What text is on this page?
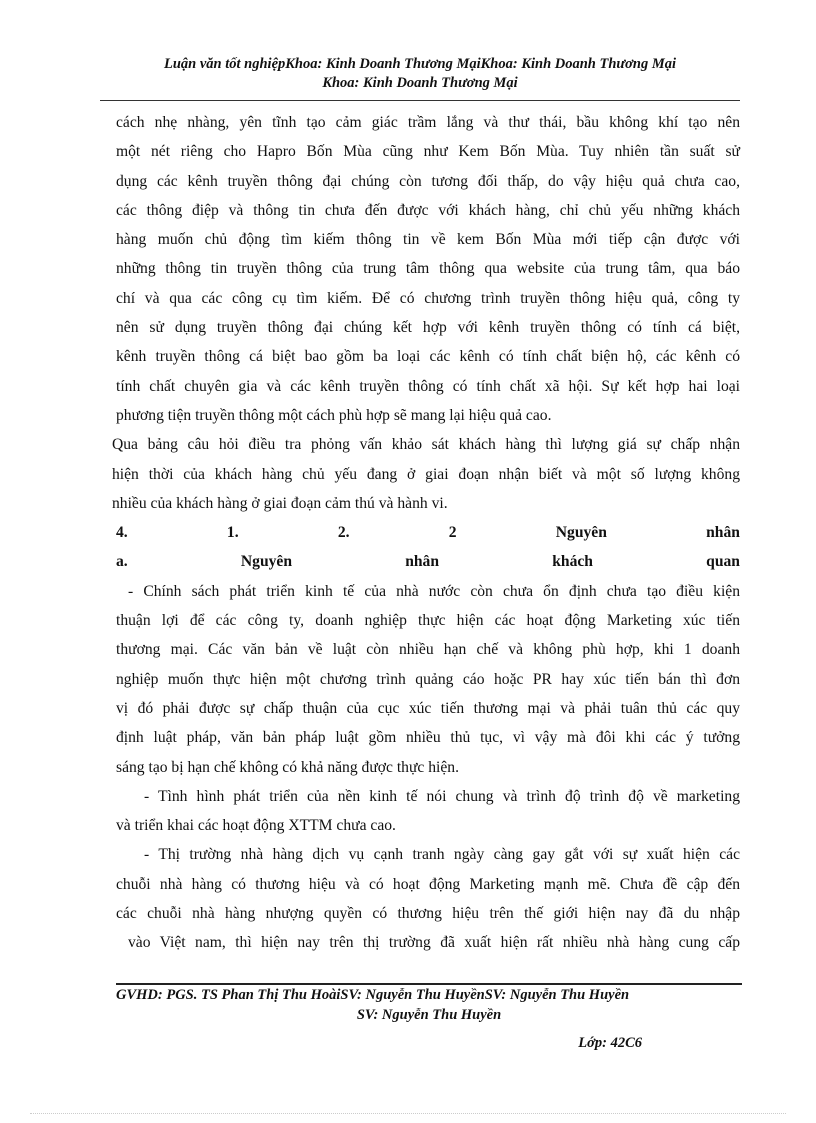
Luận văn tốt nghiệpKhoa: Kinh Doanh Thương MạiKhoa: Kinh Doanh Thương Mại
Khoa: Kinh Doanh Thương Mại

cách nhẹ nhàng, yên tĩnh tạo cảm giác trầm lắng và thư thái, bầu không khí tạo nên

một nét riêng cho Hapro Bốn Mùa cũng như Kem Bốn Mùa. Tuy nhiên tần suất sử

dụng các kênh truyền thông đại chúng còn tương đối thấp, do vậy hiệu quả chưa cao,

các thông điệp và thông tin chưa đến được với khách hàng, chỉ chủ yếu những khách

hàng muốn chủ động tìm kiếm thông tin về kem Bốn Mùa mới tiếp cận được với

những thông tin truyền thông của trung tâm thông qua website của trung tâm, qua báo

chí và qua các công cụ tìm kiếm. Để có chương trình truyền thông hiệu quả, công ty

nên sử dụng truyền thông đại chúng kết hợp với kênh truyền thông có tính cá biệt,

kênh truyền thông cá biệt bao gồm ba loại các kênh có tính chất biện hộ, các kênh có

tính chất chuyên gia và các kênh truyền thông có tính chất xã hội. Sự kết hợp hai loại

phương tiện truyền thông một cách phù hợp sẽ mang lại hiệu quả cao.

Qua bảng câu hỏi điều tra phỏng vấn khảo sát khách hàng thì lượng giá sự chấp nhận

hiện thời của khách hàng chủ yếu đang ở giai đoạn nhận biết và một số lượng không

nhiều của khách hàng ở giai đoạn cảm thú và hành vi.

4.	1.	2.	2	Nguyên	nhân
a.	Nguyên	nhân	khách	quan

- Chính sách phát triển kinh tế của nhà nước còn chưa ổn định chưa tạo điều kiện

thuận lợi để các công ty, doanh nghiệp thực hiện các hoạt động Marketing xúc tiến

thương mại. Các văn bản về luật còn nhiều hạn chế và không phù hợp, khi 1 doanh

nghiệp muốn thực hiện một chương trình quảng cáo hoặc PR hay xúc tiến bán thì đơn

vị đó phải được sự chấp thuận của cục xúc tiến thương mại và phải tuân thủ các quy

định luật pháp, văn bản pháp luật gồm nhiều thủ tục, vì vậy mà đôi khi các ý tưởng

sáng tạo bị hạn chế không có khả năng được thực hiện.

- Tình hình phát triển của nền kinh tế nói chung và trình độ trình độ về marketing

và triển khai các hoạt động XTTM chưa cao.

- Thị trường nhà hàng dịch vụ cạnh tranh ngày càng gay gắt với sự xuất hiện các

chuỗi nhà hàng có thương hiệu và có hoạt động Marketing mạnh mẽ. Chưa đề cập đến

các chuỗi nhà hàng nhượng quyền có thương hiệu trên thế giới hiện nay đã du nhập

vào Việt nam, thì hiện nay trên thị trường đã xuất hiện rất nhiều nhà hàng cung cấp

GVHD: PGS. TS Phan Thị Thu HoàiSV: Nguyễn Thu HuyềnSV: Nguyễn Thu Huyền
SV: Nguyễn Thu Huyền
Lớp: 42C6
